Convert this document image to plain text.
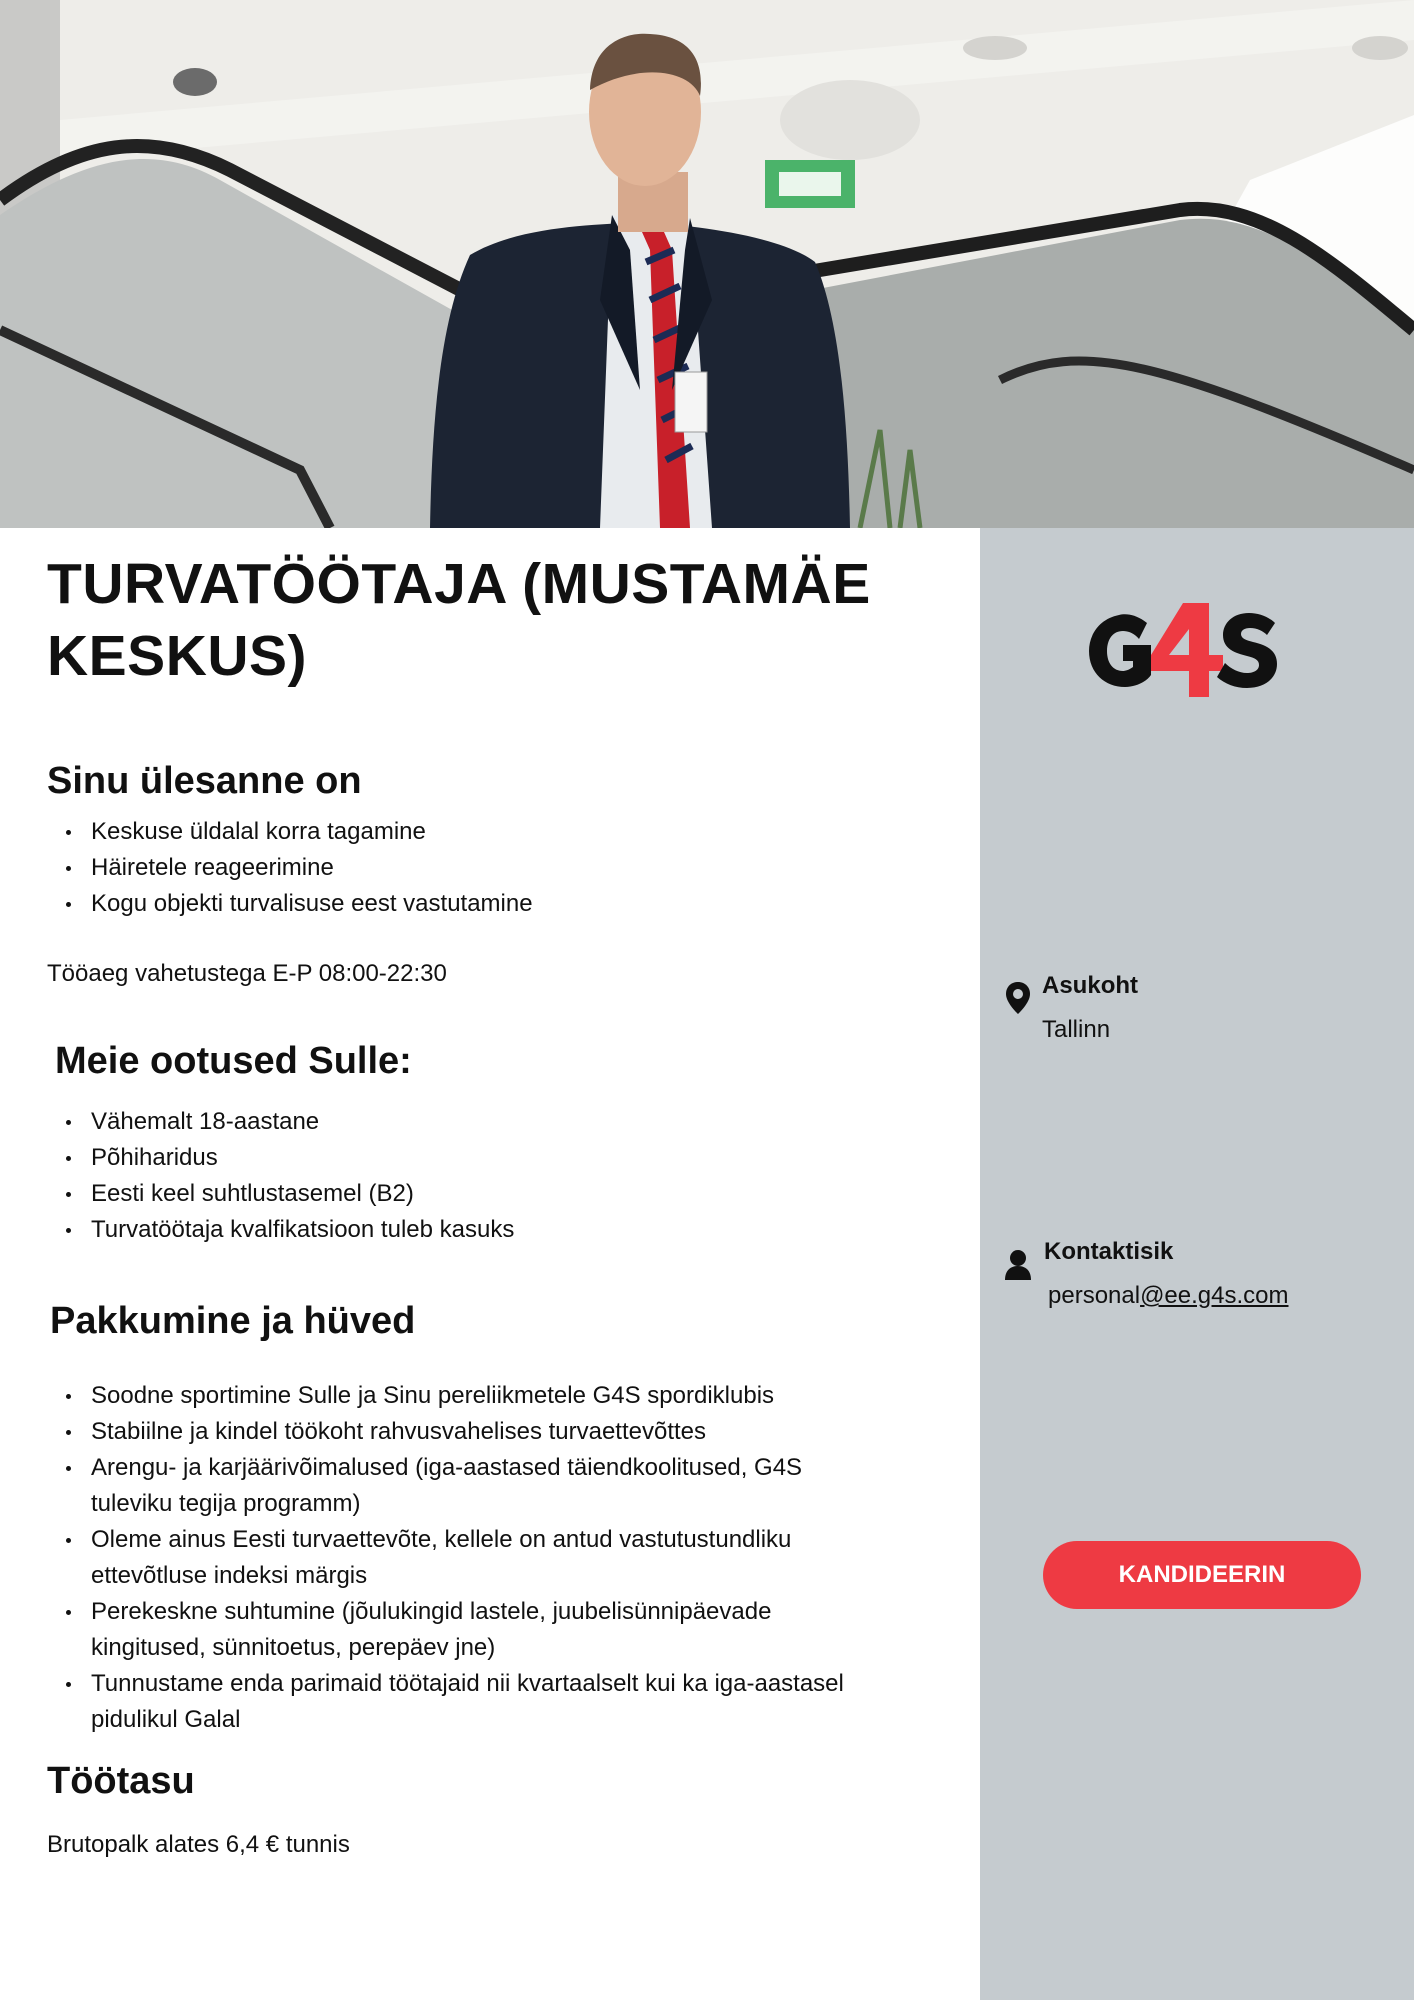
TURVATÖÖTAJA (MUSTAMÄE KESKUS)
Sinu ülesanne on
Keskuse üldalal korra tagamine
Häiretele reageerimine
Kogu objekti turvalisuse eest vastutamine
Tööaeg vahetustega E-P 08:00-22:30
Meie ootused Sulle:
Vähemalt 18-aastane
Põhiharidus
Eesti keel suhtlustasemel (B2)
Turvatöötaja kvalfikatsioon tuleb kasuks
Pakkumine ja hüved
Soodne sportimine Sulle ja Sinu pereliikmetele G4S spordiklubis
Stabiilne ja kindel töökoht rahvusvahelises turvaettevõttes
Arengu- ja karjäärivõimalused (iga-aastased täiendkoolitused, G4S tuleviku tegija programm)
Oleme ainus Eesti turvaettevõte, kellele on antud vastutustundliku ettevõtluse indeksi märgis
Perekeskne suhtumine (jõulukingid lastele, juubelisünnipäevade kingitused, sünnitoetus, perepäev jne)
Tunnustame enda parimaid töötajaid nii kvartaalselt kui ka iga-aastasel pidulikul Galal
Töötasu
Brutopalk alates 6,4 € tunnis
Asukoht
Tallinn
Kontaktisik
personal@ee.g4s.com
KANDIDEERIN
